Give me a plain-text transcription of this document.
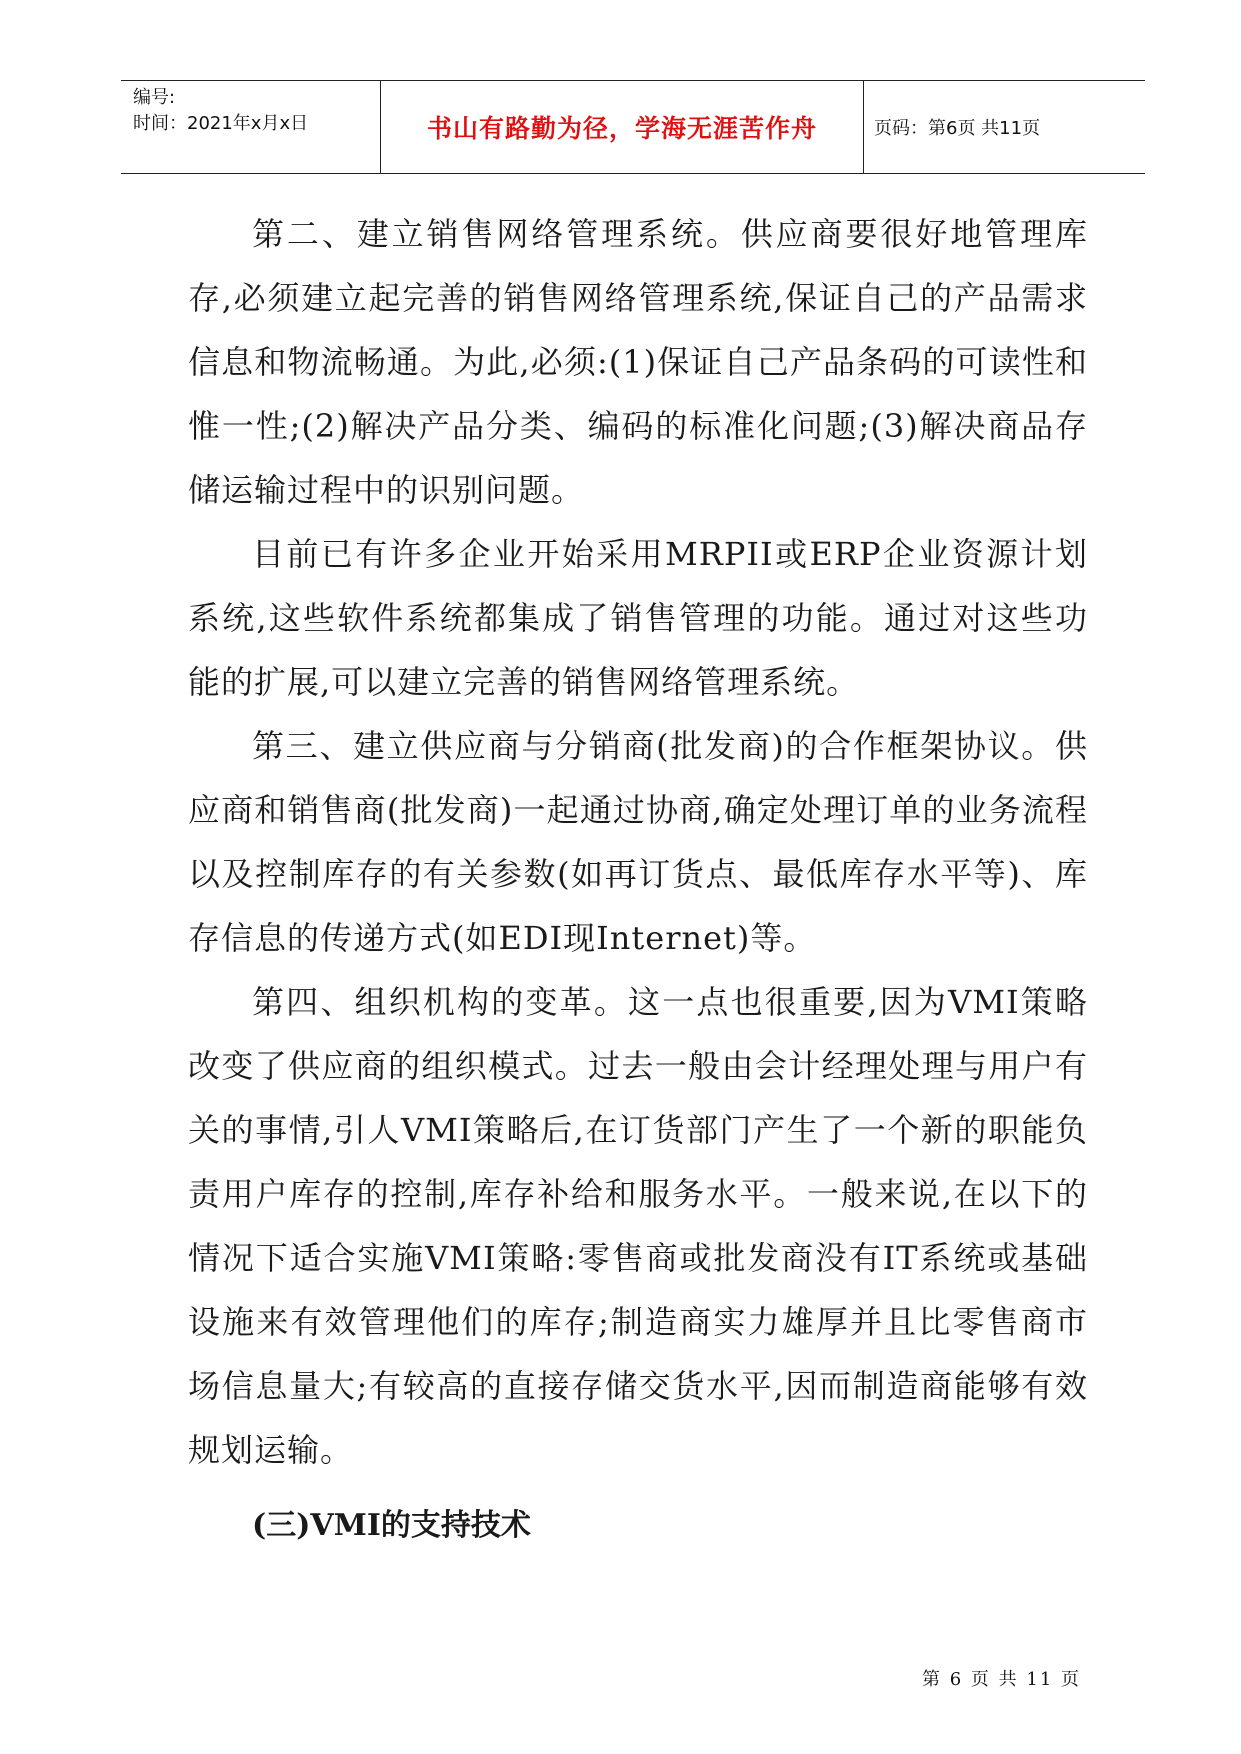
编号:
时间：2021年x月x日	书山有路勤为径，学海无涯苦作舟	页码：第6页 共11页

第二、建立销售网络管理系统。供应商要很好地管理库存,必须建立起完善的销售网络管理系统,保证自己的产品需求信息和物流畅通。为此,必须:(1)保证自己产品条码的可读性和惟一性;(2)解决产品分类、编码的标准化问题;(3)解决商品存储运输过程中的识别问题。

目前已有许多企业开始采用MRPII或ERP企业资源计划系统,这些软件系统都集成了销售管理的功能。通过对这些功能的扩展,可以建立完善的销售网络管理系统。

第三、建立供应商与分销商(批发商)的合作框架协议。供应商和销售商(批发商)一起通过协商,确定处理订单的业务流程以及控制库存的有关参数(如再订货点、最低库存水平等)、库存信息的传递方式(如EDI现Internet)等。

第四、组织机构的变革。这一点也很重要,因为VMI策略改变了供应商的组织模式。过去一般由会计经理处理与用户有关的事情,引人VMI策略后,在订货部门产生了一个新的职能负责用户库存的控制,库存补给和服务水平。一般来说,在以下的情况下适合实施VMI策略:零售商或批发商没有IT系统或基础设施来有效管理他们的库存;制造商实力雄厚并且比零售商市场信息量大;有较高的直接存储交货水平,因而制造商能够有效规划运输。

(三)VMI的支持技术
第 6 页 共 11 页
